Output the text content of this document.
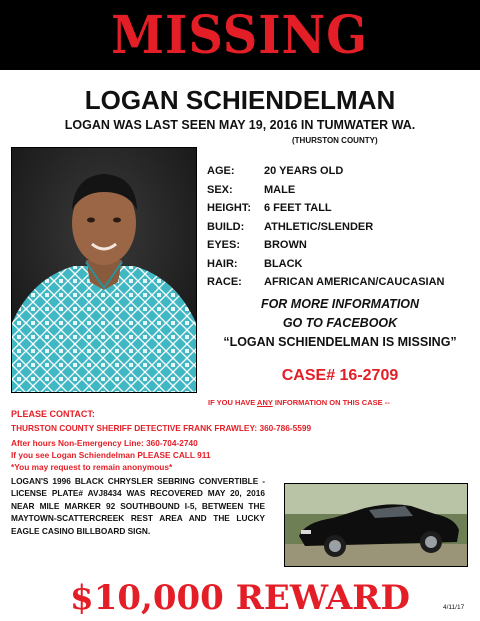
MISSING
LOGAN SCHIENDELMAN
LOGAN WAS LAST SEEN MAY 19, 2016 IN TUMWATER WA.
(THURSTON COUNTY)
AGE:	20 YEARS OLD
SEX:	MALE
HEIGHT:	6 FEET TALL
BUILD:	ATHLETIC/SLENDER
EYES:	BROWN
HAIR:	BLACK
RACE:	AFRICAN AMERICAN/CAUCASIAN
FOR MORE INFORMATION
GO TO FACEBOOK
“LOGAN SCHIENDELMAN IS MISSING”
CASE# 16-2709
IF YOU HAVE ANY INFORMATION ON THIS CASE --
PLEASE CONTACT:
THURSTON COUNTY SHERIFF DETECTIVE FRANK FRAWLEY: 360-786-5599
After hours Non-Emergency Line: 360-704-2740
If you see Logan Schiendelman PLEASE CALL 911
*You may request to remain anonymous*
LOGAN'S 1996 BLACK CHRYSLER SEBRING CONVERTIBLE - LICENSE PLATE# AVJ8434 WAS RECOVERED MAY 20, 2016 NEAR MILE MARKER 92 SOUTHBOUND I-5, BETWEEN THE MAYTOWN-SCATTERCREEK REST AREA AND THE LUCKY EAGLE CASINO BILLBOARD SIGN.
$10,000 REWARD	4/11/17
